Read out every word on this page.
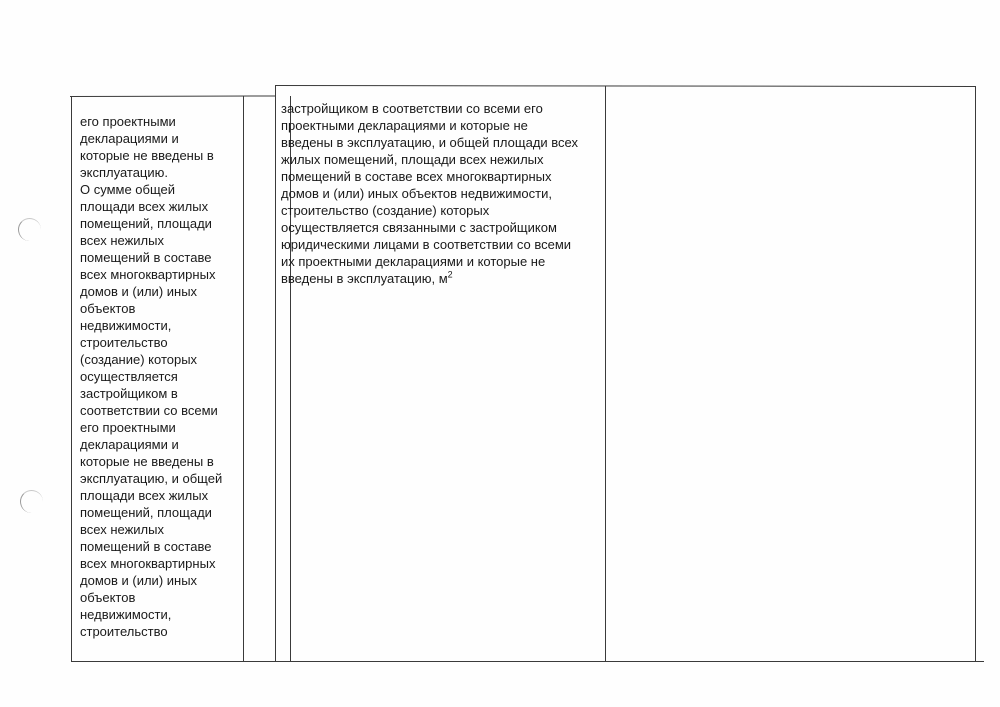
его проектными
декларациями и
которые не введены в
эксплуатацию.
О сумме общей
площади всех жилых
помещений, площади
всех нежилых
помещений в составе
всех многоквартирных
домов и (или) иных
объектов
недвижимости,
строительство
(создание) которых
осуществляется
застройщиком в
соответствии со всеми
его проектными
декларациями и
которые не введены в
эксплуатацию, и общей
площади всех жилых
помещений, площади
всех нежилых
помещений в составе
всех многоквартирных
домов и (или) иных
объектов
недвижимости,
строительство
застройщиком в соответствии со всеми его
проектными декларациями и которые не
введены в эксплуатацию, и общей площади всех
жилых помещений, площади всех нежилых
помещений в составе всех многоквартирных
домов и (или) иных объектов недвижимости,
строительство (создание) которых
осуществляется связанными с застройщиком
юридическими лицами в соответствии со всеми
их проектными декларациями и которые не
введены в эксплуатацию, $м^2$
